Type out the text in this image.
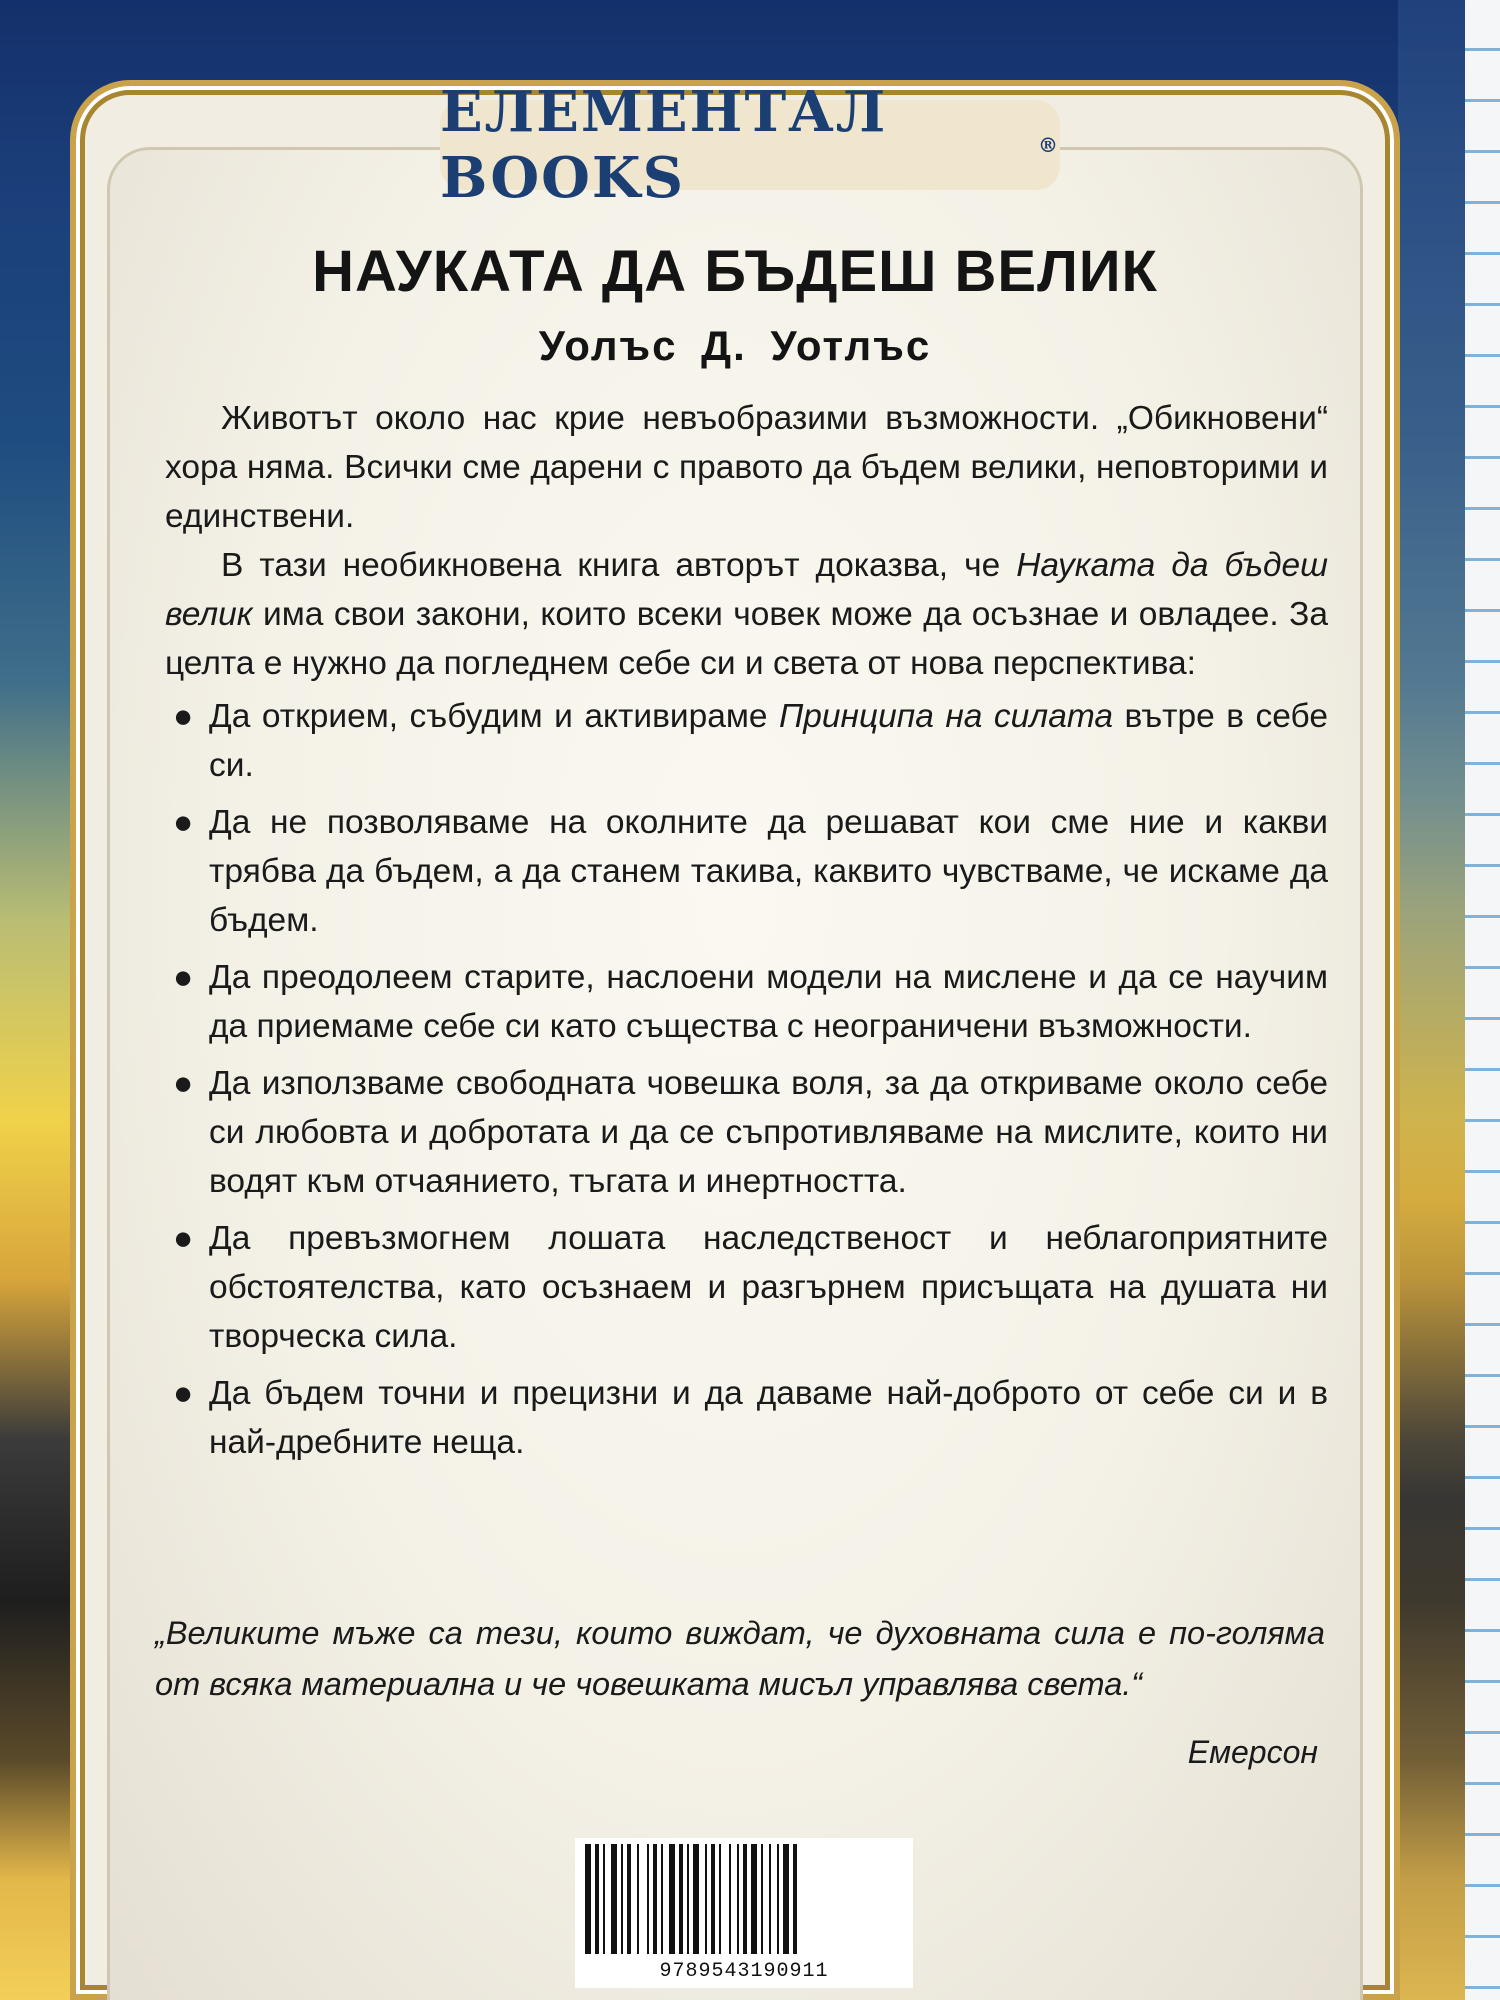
ЕЛЕМЕНТАЛ BOOKS	®
НАУКАТА ДА БЪДЕШ ВЕЛИК
Уолъс Д. Уотлъс

Животът около нас крие невъобразими възможности. „Обикновени“ хора няма. Всички сме дарени с правото да бъдем велики, неповторими и единствени.

В тази необикновена книга авторът доказва, че Науката да бъдеш велик има свои закони, които всеки човек може да осъзнае и овладее. За целта е нужно да погледнем себе си и света от нова перспектива:

● Да открием, събудим и активираме Принципа на силата вътре в себе си.
● Да не позволяваме на околните да решават кои сме ние и какви трябва да бъдем, а да станем такива, каквито чувстваме, че искаме да бъдем.
● Да преодолеем старите, наслоени модели на мислене и да се научим да приемаме себе си като същества с неограничени възможности.
● Да използваме свободната човешка воля, за да откриваме около себе си любовта и добротата и да се съпротивляваме на мислите, които ни водят към отчаянието, тъгата и инертността.
● Да превъзмогнем лошата наследственост и неблагоприятните обстоятелства, като осъзнаем и разгърнем присъщата на душата ни творческа сила.
● Да бъдем точни и прецизни и да даваме най-доброто от себе си и в най-дребните неща.
„Великите мъже са тези, които виждат, че духовната сила е по-голяма от всяка материална и че човешката мисъл управлява света.“
Емерсон
9789543190911
